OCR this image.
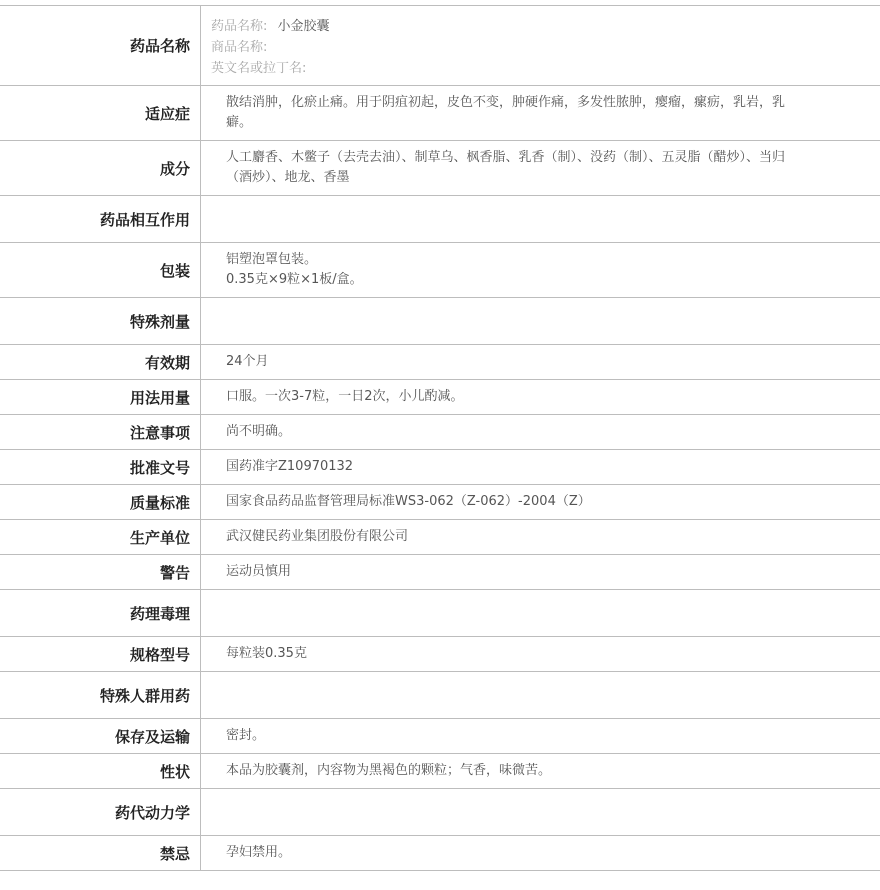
药品名称	药品名称: 小金胶囊
商品名称:
英文名或拉丁名:

适应症	散结消肿，化瘀止痛。用于阴疽初起，皮色不变，肿硬作痛，多发性脓肿，瘿瘤，瘰疬，乳岩，乳癖。

成分	人工麝香、木鳖子（去壳去油）、制草乌、枫香脂、乳香（制）、没药（制）、五灵脂（醋炒）、当归（酒炒）、地龙、香墨

药品相互作用	
包装	铝塑泡罩包装。
0.35克×9粒×1板/盒。

特殊剂量	
有效期	24个月

用法用量	口服。一次3-7粒，一日2次，小儿酌减。

注意事项	尚不明确。

批准文号	国药准字Z10970132

质量标准	国家食品药品监督管理局标准WS3-062（Z-062）-2004（Z）

生产单位	武汉健民药业集团股份有限公司

警告	运动员慎用

药理毒理	
规格型号	每粒装0.35克

特殊人群用药	
保存及运输	密封。

性状	本品为胶囊剂，内容物为黑褐色的颗粒；气香，味微苦。

药代动力学	
禁忌	孕妇禁用。
